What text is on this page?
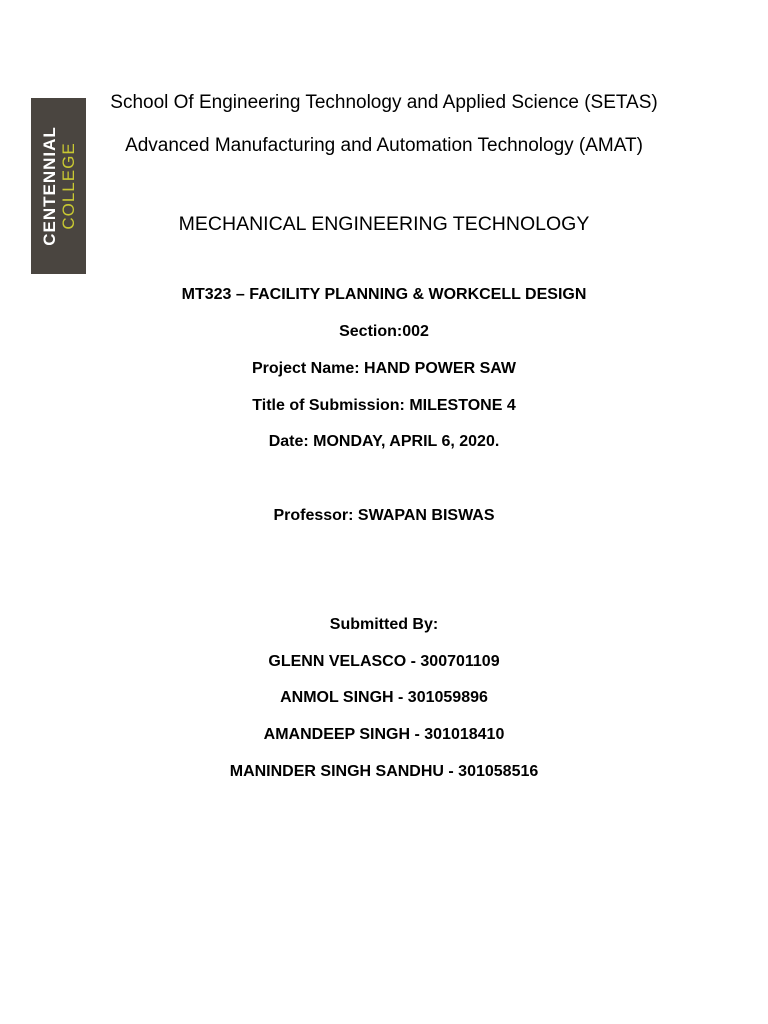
CENTENNIAL COLLEGE
School Of Engineering Technology and Applied Science (SETAS)
Advanced Manufacturing and Automation Technology (AMAT)
MECHANICAL ENGINEERING TECHNOLOGY
MT323 – FACILITY PLANNING & WORKCELL DESIGN
Section:002
Project Name: HAND POWER SAW
Title of Submission: MILESTONE 4
Date: MONDAY, APRIL 6, 2020.
Professor: SWAPAN BISWAS
Submitted By:
GLENN VELASCO - 300701109
ANMOL SINGH - 301059896
AMANDEEP SINGH - 301018410
MANINDER SINGH SANDHU - 301058516
